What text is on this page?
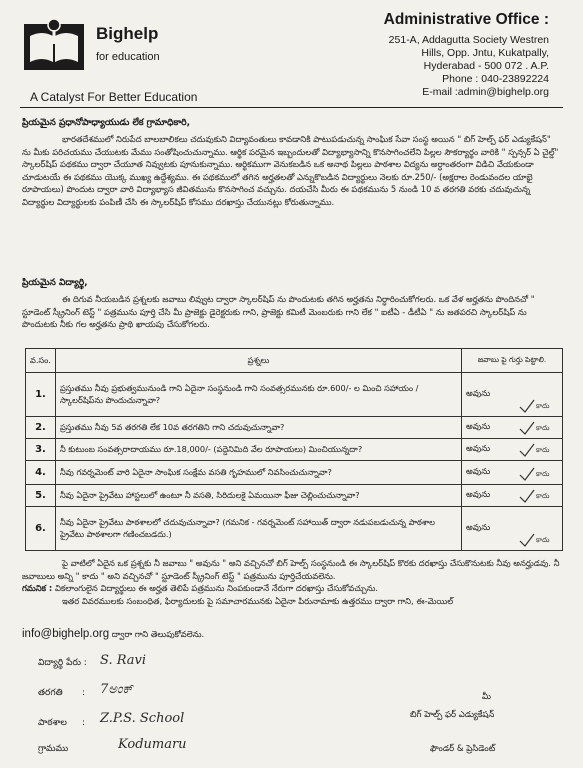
Bighelp
for education
A Catalyst For Better Education
Administrative Office :
251-A, Addagutta Society Westren
Hills, Opp. Jntu, Kukatpally,
Hyderabad - 500 072 . A.P.
Phone : 040-23892224
E-mail :admin@bighelp.org
ప్రియమైన ప్రధానోపాధ్యాయుడు లేక గ్రామాధికారి,

భారతదేశములో నిరుపేద బాలబాలికలు చదువుకుని విద్యావంతులు కావడానికి పాటుపడుచున్న సాంఘిక సేవా సంస్థ అయిన " బిగ్ హెల్ప్ ఫర్ ఎడ్యుకేషన్" ను మీకు పరిచయము చేయుటకు మేము సంతోషించుచున్నాము. ఆర్థిక పరమైన ఇబ్బందులతో విద్యాభ్యాసాన్ని కొనసాగించలేని పిల్లల సౌకర్యార్థం వారికి " స్పన్సర్ ఏ చైల్డ్" స్కాలర్‌షిప్ పథకము ద్వారా చేయూత నివ్వుటకు పూనుకున్నాము. ఆర్థికముగా వెనుకబడిన ఒక అనాథ పిల్లలు పాఠశాల విద్యను అర్ధాంతరంగా విడిచి వేయకుండా చూడుటయే ఈ పథకము యొక్క ముఖ్య ఉద్దేశ్యము. ఈ పథకములో తగిన అర్హతలతో ఎన్నుకొబడిన విద్యార్థులు నెలకు రూ.250/- (అక్షరాల రెండువందల యాభై రూపాయలు) పొందుట ద్వారా వారి విద్యాభ్యాస జీవితమును కొనసాగించ వచ్చును. దయచేసి మీరు ఈ పథకమును 5 నుండి 10 వ తరగతి వరకు చదువుచున్న విద్యార్థుల విద్యార్థులకు పంపిణీ చేసి ఈ స్కాలర్‌షిప్ కోసము దరఖాస్తు చేయునట్లు కోరుతున్నాము.

ప్రియమైన విద్యార్థి,

ఈ దిగువ నీయబడిన ప్రశ్నలకు జవాబు లివ్వుట ద్వారా స్కాలర్‌షిప్ ను పొందుటకు తగిన అర్హతను నిర్ధారించుకోగలరు. ఒక వేళ అర్హతను పొందినచో " స్టూడెంట్ స్క్రీనింగ్ టెస్ట్ " పత్రమును పూర్తి చేసి మీ ప్రాజెక్టు డైరెక్టరుకు గాని, ప్రాజెక్టు కమిటీ మెంబరుకు గాని లేక " ఐటీఏ - డీటీఏ " ను జతపరచి స్కాలర్‌షిప్ ను పొందుటకు నీకు గల అర్హతను ప్రాథి ఖాయపు చేసుకోగలరు.

వ.సం.	ప్రశ్నలు	జవాబు పై గుర్తు పెట్టాలి.
1.	ప్రస్తుతము నీవు ప్రభుత్వమునుండి గాని ఏదైనా సంస్థనుండి గాని సంవత్సరమునకు రూ.600/- ల మించి సహాయం / స్కాలర్‌షిప్‌ను పొందుచున్నావా?	అవును
కాదు

2.	ప్రస్తుతము నీవు 5వ తరగతి లేక 10వ తరగతిని గాని చదువుచున్నావా?	అవును కాదు

3.	నీ కుటుంబ సంవత్సరాదాయము రూ.18,000/- (పద్దెనిమిది వేల రూపాయలు) మించియున్నదా?	అవును కాదు

4.	నీవు గవర్నమెంట్ వారి ఏదైనా సాంఘిక సంక్షేమ వసతి గృహములో నివసించుచున్నావా?	అవును కాదు

5.	నీవు ఏదైనా ప్రైవేటు హాస్టలులో ఉంటూ నీ వసతి, సిరిదులకై ఏమయినా ఫీజు చెల్లించుచున్నావా?	అవును కాదు

6.	నీవు ఏదైనా ప్రైవేటు పాఠశాలలో చదువుచున్నావా? (గమనిక - గవర్నమెంట్ సహాయిత్ ద్వారా నడుపబడుచున్న పాఠశాల ప్రైవేటు పాఠశాలగా గణించబడదు.)	అవును
కాదు

పై వాటిలో ఏదైన ఒక ప్రశ్నకు నీ జవాబు " అవును " అని వచ్చినచో బిగ్ హెల్ప్ సంస్థనుండి ఈ స్కాలర్‌షిప్ కొరకు దరఖాస్తు చేసుకొనుటకు నీవు అనర్హుడవు. నీ జవాబులు అన్ని " కాదు " అని వచ్చినచో " స్టూడెంట్ స్క్రీనింగ్ టెస్ట్ " పత్రమును పూర్తిచేయవలెను.

గమనిక : వికలాంగులైన విద్యార్థులు ఈ అర్హత తెలిపే పత్రమును నింపకుండానే నేరుగా దరఖాస్తు చేసుకోవచ్చును.

ఇతర వివరములకు సంబంధిత, ఫిర్యాదులకు పై సమాచారమునకు ఏదైనా పిరునామాకు ఉత్తరము ద్వారా గాని, ఈ-మెయిల్

info@bighelp.org ద్వారా గాని తెలుపుకోవలెను.
విద్యార్థి పేరు : S. Ravi
తరగతి : 7ಅಂಕ್
పాఠశాల : Z.P.S. School
గ్రామము	Kodumaru
మీ
బిగ్ హెల్ప్ ఫర్ ఎడ్యుకేషన్
ఫౌండర్ & ప్రెసిడెంట్
